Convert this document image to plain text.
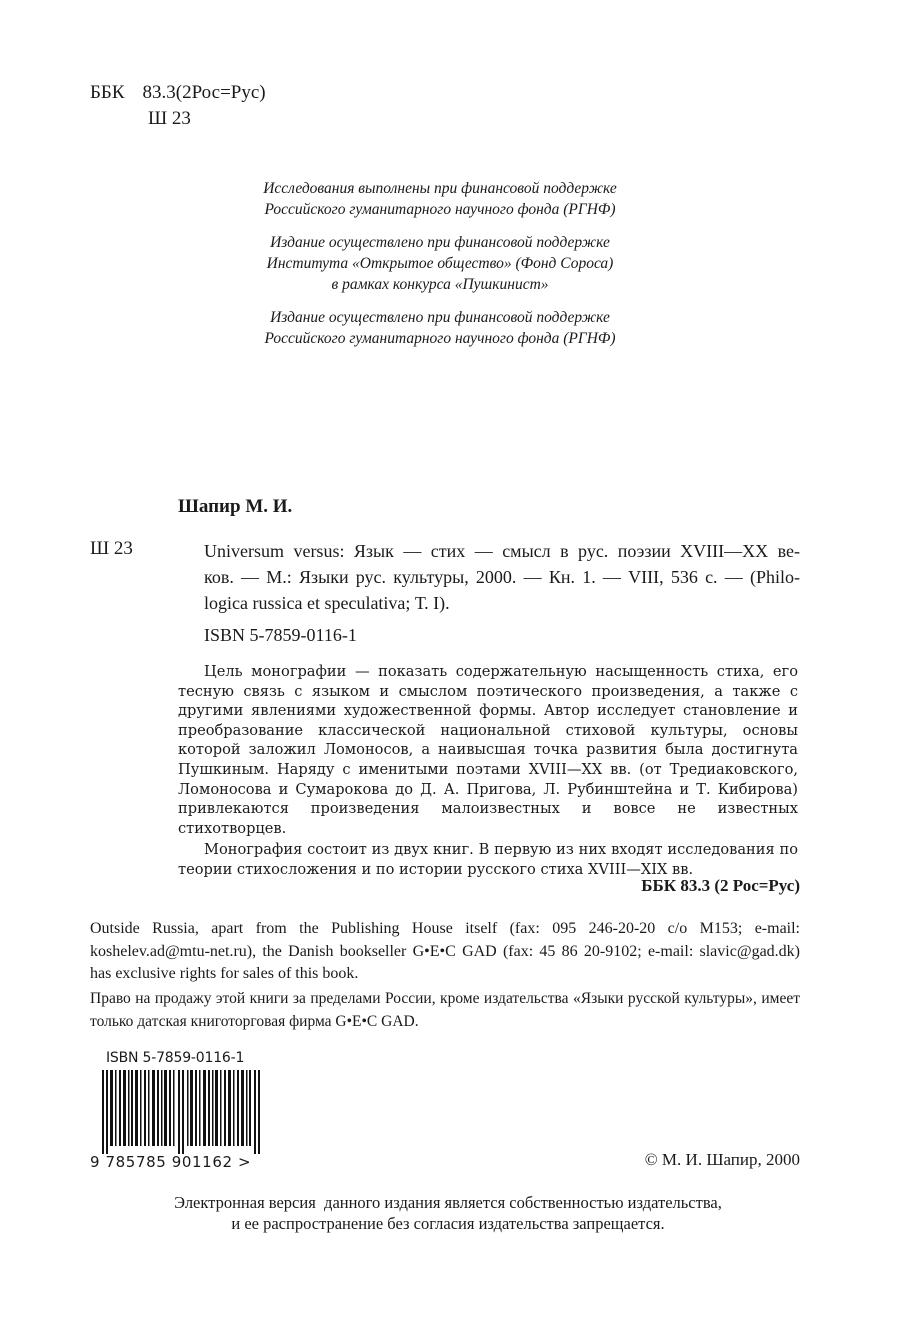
ББК 83.3(2Рос=Рус)
Ш 23
Исследования выполнены при финансовой поддержке
Российского гуманитарного научного фонда (РГНФ)
Издание осуществлено при финансовой поддержке
Института «Открытое общество» (Фонд Сороса)
в рамках конкурса «Пушкинист»
Издание осуществлено при финансовой поддержке
Российского гуманитарного научного фонда (РГНФ)
Шапир М. И.
Ш 23	Universum versus: Язык — стих — смысл в рус. поэзии XVIII—XX ве-
ков. — М.: Языки рус. культуры, 2000. — Кн. 1. — VIII, 536 с. — (Philo-
logica russica et speculativa; Т. I).
ISBN 5-7859-0116-1

Цель монографии — показать содержательную насыщенность стиха, его тесную связь с языком и смыслом поэтического произведения, а также с другими явлениями художественной формы. Автор исследует становление и преобразование классической национальной стиховой культуры, основы которой заложил Ломоносов, а наивысшая точка развития была достигнута Пушкиным. Наряду с именитыми поэтами XVIII—XX вв. (от Тредиаковского, Ломоносова и Сумарокова до Д. А. Пригова, Л. Рубинштейна и Т. Кибирова) привлекаются произведения малоизвестных и вовсе не известных стихотворцев.

Монография состоит из двух книг. В первую из них входят исследования по теории стихосложения и по истории русского стиха XVIII—XIX вв.

ББК 83.3 (2 Рос=Рус)
Outside Russia, apart from the Publishing House itself (fax: 095 246-20-20 c/o M153; e-mail: koshelev.ad@mtu-net.ru), the Danish bookseller G•E•C GAD (fax: 45 86 20-9102; e-mail: slavic@gad.dk) has exclusive rights for sales of this book.
Право на продажу этой книги за пределами России, кроме издательства «Языки русской культуры», имеет только датская книготорговая фирма G•E•C GAD.
ISBN 5-7859-0116-1
9 785785 901162 >	© М. И. Шапир, 2000
Электронная версия  данного издания является собственностью издательства,
и ее распространение без согласия издательства запрещается.
